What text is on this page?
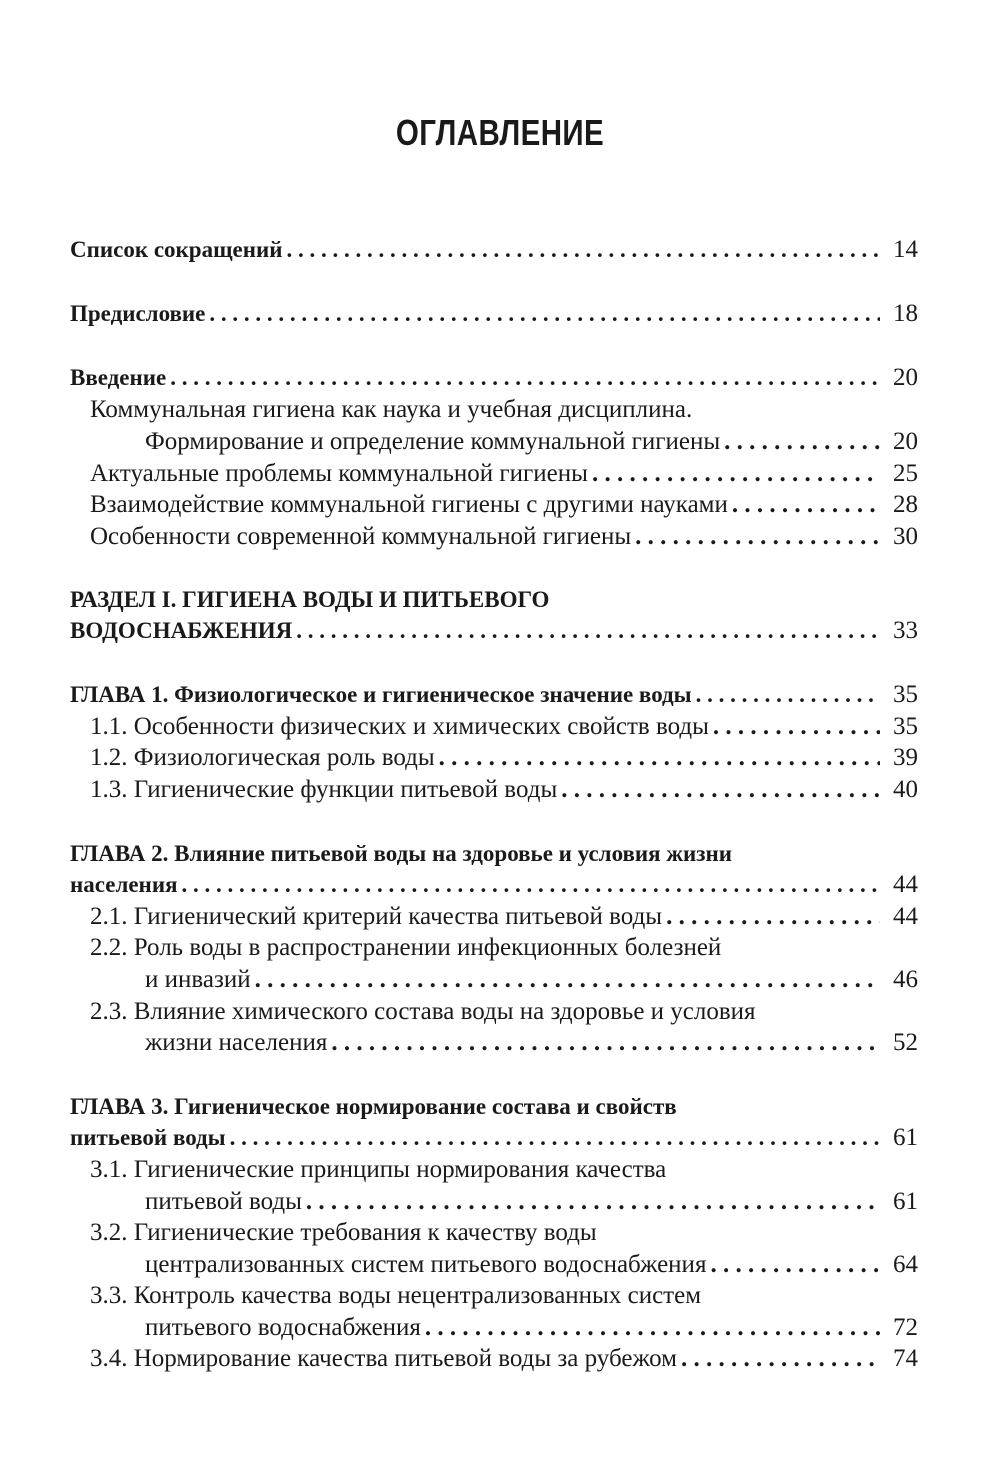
ОГЛАВЛЕНИЕ
Список сокращений . . .	14
Предисловие . . .	18
Введение . . .	20
Коммунальная гигиена как наука и учебная дисциплина.
Формирование и определение коммунальной гигиены . . .	20
Актуальные проблемы коммунальной гигиены . . .	25
Взаимодействие коммунальной гигиены с другими науками . . .	28
Особенности современной коммунальной гигиены . . .	30
РАЗДЕЛ I. ГИГИЕНА ВОДЫ И ПИТЬЕВОГО
ВОДОСНАБЖЕНИЯ . . .	33
ГЛАВА 1. Физиологическое и гигиеническое значение воды . . .	35
1.1. Особенности физических и химических свойств воды . . .	35
1.2. Физиологическая роль воды . . .	39
1.3. Гигиенические функции питьевой воды . . .	40
ГЛАВА 2. Влияние питьевой воды на здоровье и условия жизни
населения . . .	44
2.1. Гигиенический критерий качества питьевой воды . . .	44
2.2. Роль воды в распространении инфекционных болезней
и инвазий . . .	46
2.3. Влияние химического состава воды на здоровье и условия
жизни населения . . .	52
ГЛАВА 3. Гигиеническое нормирование состава и свойств
питьевой воды . . .	61
3.1. Гигиенические принципы нормирования качества
питьевой воды . . .	61
3.2. Гигиенические требования к качеству воды
централизованных систем питьевого водоснабжения . . .	64
3.3. Контроль качества воды нецентрализованных систем
питьевого водоснабжения . . .	72
3.4. Нормирование качества питьевой воды за рубежом . . .	74
